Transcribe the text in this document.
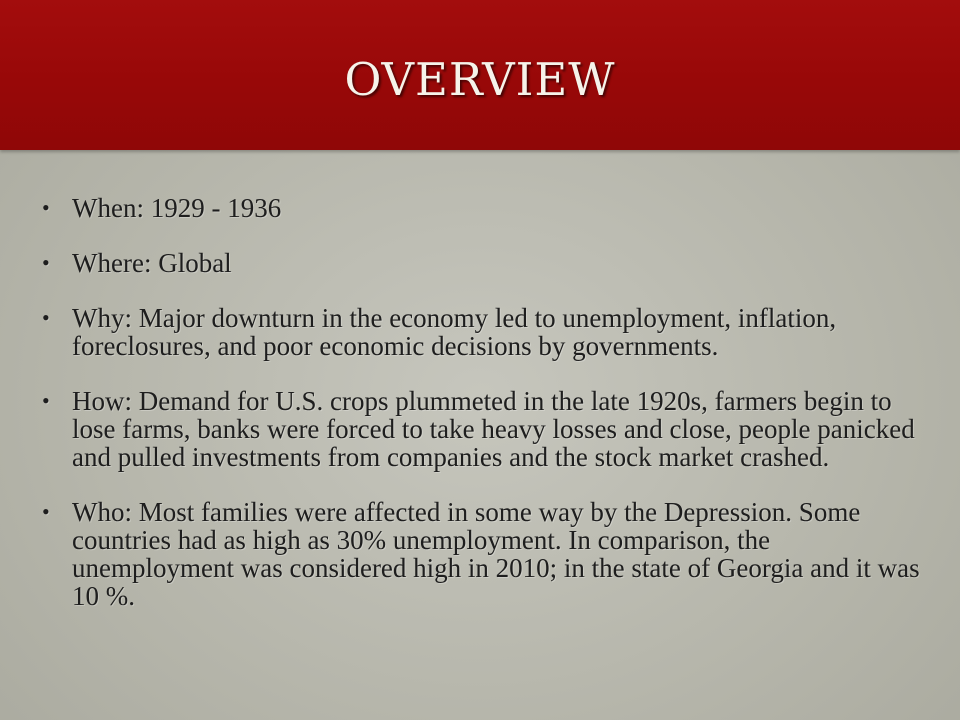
overview
• When: 1929 - 1936
• Where: Global
• Why: Major downturn in the economy led to unemployment, inflation, foreclosures, and poor economic decisions by governments.
• How: Demand for U.S. crops plummeted in the late 1920s, farmers begin to lose farms, banks were forced to take heavy losses and close, people panicked and pulled investments from companies and the stock market crashed.
• Who: Most families were affected in some way by the Depression. Some countries had as high as 30% unemployment. In comparison, the unemployment was considered high in 2010; in the state of Georgia and it was 10 %.
